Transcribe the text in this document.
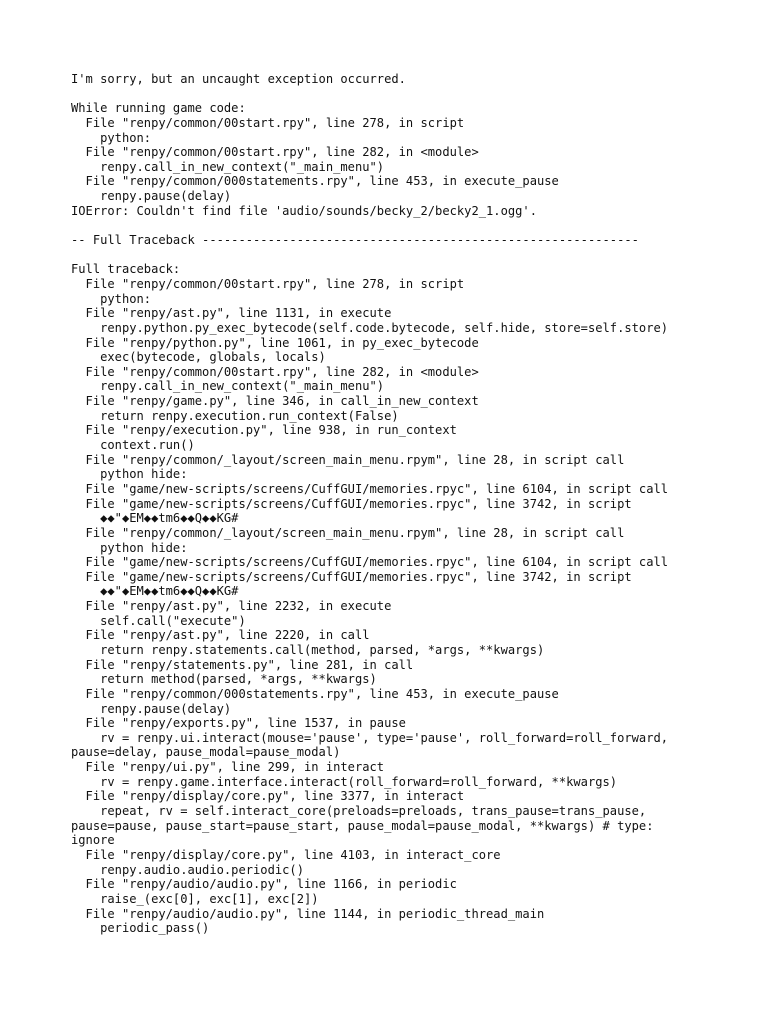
I'm sorry, but an uncaught exception occurred.
While running game code:
File "renpy/common/00start.rpy", line 278, in script
python:
File "renpy/common/00start.rpy", line 282, in <module>
renpy.call_in_new_context("_main_menu")
File "renpy/common/000statements.rpy", line 453, in execute_pause
renpy.pause(delay)
IOError: Couldn't find file 'audio/sounds/becky_2/becky2_1.ogg'.
-- Full Traceback ------------------------------------------------------------
Full traceback:
File "renpy/common/00start.rpy", line 278, in script
python:
File "renpy/ast.py", line 1131, in execute
renpy.python.py_exec_bytecode(self.code.bytecode, self.hide, store=self.store)
File "renpy/python.py", line 1061, in py_exec_bytecode
exec(bytecode, globals, locals)
File "renpy/common/00start.rpy", line 282, in <module>
renpy.call_in_new_context("_main_menu")
File "renpy/game.py", line 346, in call_in_new_context
return renpy.execution.run_context(False)
File "renpy/execution.py", line 938, in run_context
context.run()
File "renpy/common/_layout/screen_main_menu.rpym", line 28, in script call
python hide:
File "game/new-scripts/screens/CuffGUI/memories.rpyc", line 6104, in script call
File "game/new-scripts/screens/CuffGUI/memories.rpyc", line 3742, in script
◆◆"◆EM◆◆tm6◆◆Q◆◆KG#
File "renpy/common/_layout/screen_main_menu.rpym", line 28, in script call
python hide:
File "game/new-scripts/screens/CuffGUI/memories.rpyc", line 6104, in script call
File "game/new-scripts/screens/CuffGUI/memories.rpyc", line 3742, in script
◆◆"◆EM◆◆tm6◆◆Q◆◆KG#
File "renpy/ast.py", line 2232, in execute
self.call("execute")
File "renpy/ast.py", line 2220, in call
return renpy.statements.call(method, parsed, *args, **kwargs)
File "renpy/statements.py", line 281, in call
return method(parsed, *args, **kwargs)
File "renpy/common/000statements.rpy", line 453, in execute_pause
renpy.pause(delay)
File "renpy/exports.py", line 1537, in pause
rv = renpy.ui.interact(mouse='pause', type='pause', roll_forward=roll_forward,
pause=delay, pause_modal=pause_modal)
File "renpy/ui.py", line 299, in interact
rv = renpy.game.interface.interact(roll_forward=roll_forward, **kwargs)
File "renpy/display/core.py", line 3377, in interact
repeat, rv = self.interact_core(preloads=preloads, trans_pause=trans_pause,
pause=pause, pause_start=pause_start, pause_modal=pause_modal, **kwargs) # type:
ignore
File "renpy/display/core.py", line 4103, in interact_core
renpy.audio.audio.periodic()
File "renpy/audio/audio.py", line 1166, in periodic
raise_(exc[0], exc[1], exc[2])
File "renpy/audio/audio.py", line 1144, in periodic_thread_main
periodic_pass()
